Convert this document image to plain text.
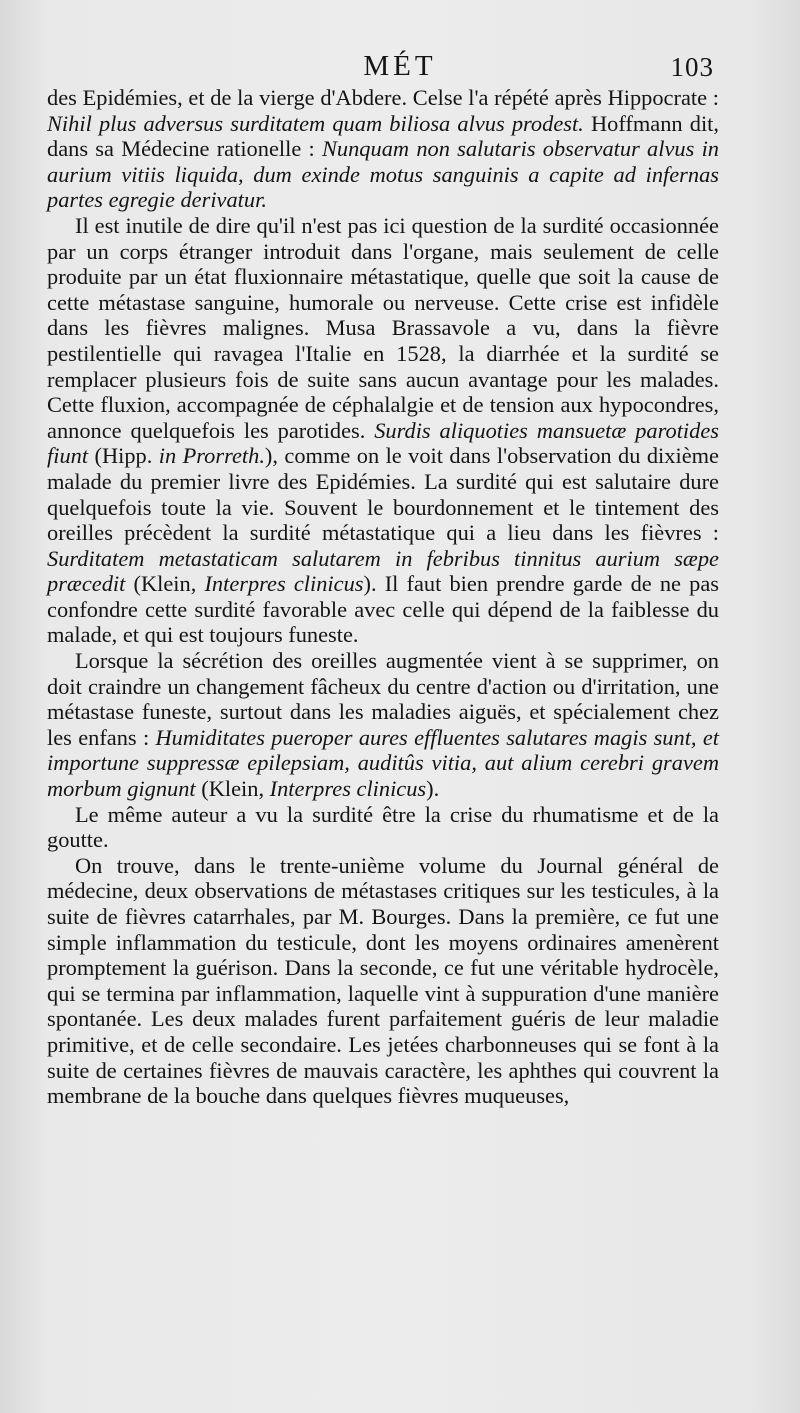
MÉT	103

des Epidémies, et de la vierge d'Abdere. Celse l'a répété après Hippocrate : Nihil plus adversus surditatem quam biliosa alvus prodest. Hoffmann dit, dans sa Médecine rationelle : Nunquam non salutaris observatur alvus in aurium vitiis liquida, dum exinde motus sanguinis a capite ad infernas partes egregie derivatur.

Il est inutile de dire qu'il n'est pas ici question de la surdité occasionnée par un corps étranger introduit dans l'organe, mais seulement de celle produite par un état fluxionnaire métastatique, quelle que soit la cause de cette métastase sanguine, humorale ou nerveuse. Cette crise est infidèle dans les fièvres malignes. Musa Brassavole a vu, dans la fièvre pestilentielle qui ravagea l'Italie en 1528, la diarrhée et la surdité se remplacer plusieurs fois de suite sans aucun avantage pour les malades. Cette fluxion, accompagnée de céphalalgie et de tension aux hypocondres, annonce quelquefois les parotides. Surdis aliquoties mansuetæ parotides fiunt (Hipp. in Prorreth.), comme on le voit dans l'observation du dixième malade du premier livre des Epidémies. La surdité qui est salutaire dure quelquefois toute la vie. Souvent le bourdonnement et le tintement des oreilles précèdent la surdité métastatique qui a lieu dans les fièvres : Surditatem metastaticam salutarem in febribus tinnitus aurium sæpe præcedit (Klein, Interpres clinicus). Il faut bien prendre garde de ne pas confondre cette surdité favorable avec celle qui dépend de la faiblesse du malade, et qui est toujours funeste.

Lorsque la sécrétion des oreilles augmentée vient à se supprimer, on doit craindre un changement fâcheux du centre d'action ou d'irritation, une métastase funeste, surtout dans les maladies aiguës, et spécialement chez les enfans : Humiditates pueroper aures effluentes salutares magis sunt, et importune suppressæ epilepsiam, auditûs vitia, aut alium cerebri gravem morbum gignunt (Klein, Interpres clinicus).

Le même auteur a vu la surdité être la crise du rhumatisme et de la goutte.

On trouve, dans le trente-unième volume du Journal général de médecine, deux observations de métastases critiques sur les testicules, à la suite de fièvres catarrhales, par M. Bourges. Dans la première, ce fut une simple inflammation du testicule, dont les moyens ordinaires amenèrent promptement la guérison. Dans la seconde, ce fut une véritable hydrocèle, qui se termina par inflammation, laquelle vint à suppuration d'une manière spontanée. Les deux malades furent parfaitement guéris de leur maladie primitive, et de celle secondaire. Les jetées charbonneuses qui se font à la suite de certaines fièvres de mauvais caractère, les aphthes qui couvrent la membrane de la bouche dans quelques fièvres muqueuses,
